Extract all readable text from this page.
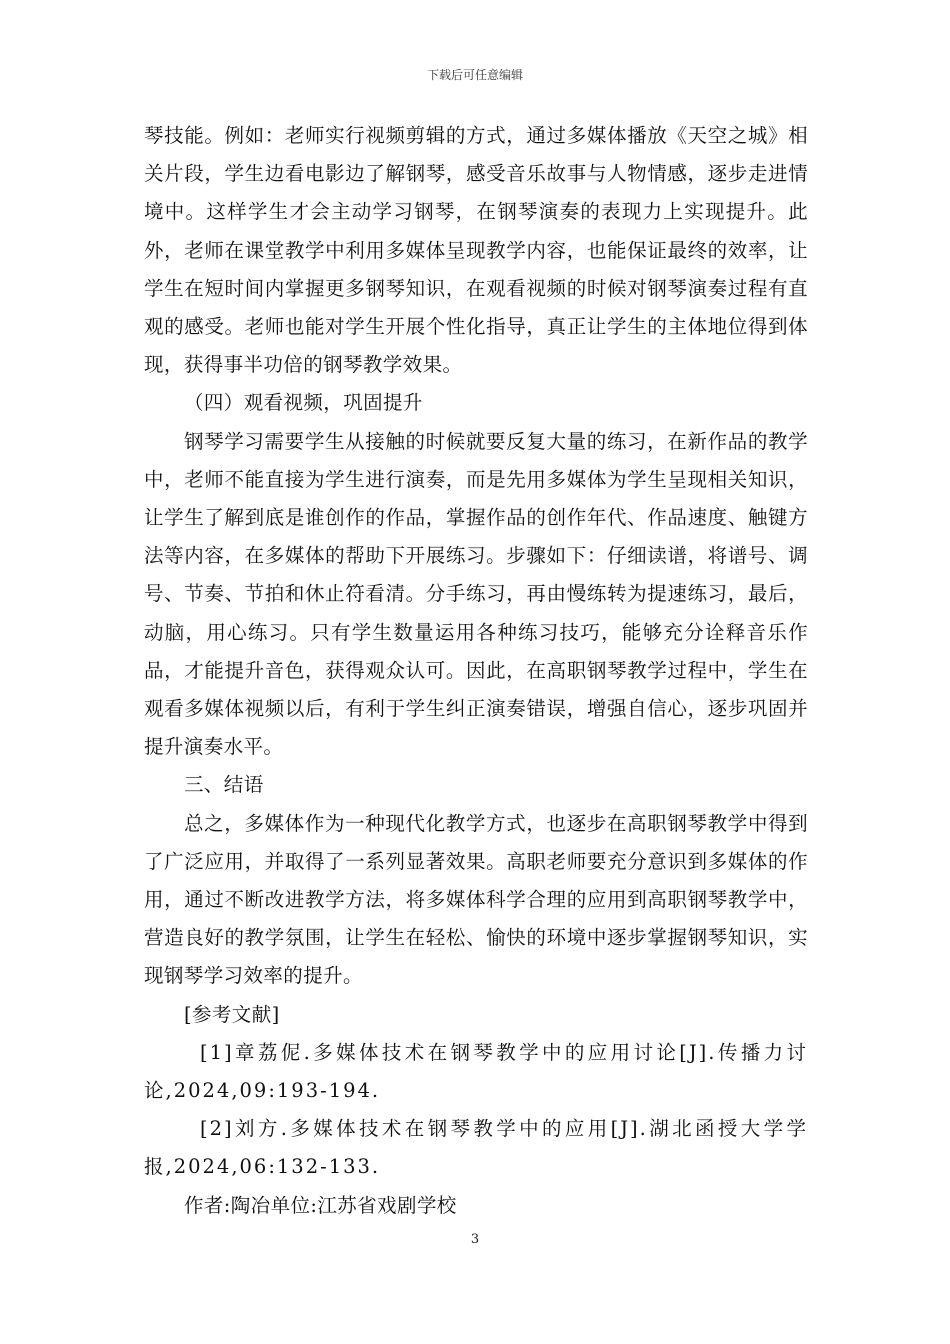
下载后可任意编辑

琴技能。例如：老师实行视频剪辑的方式，通过多媒体播放《天空之城》相关片段，学生边看电影边了解钢琴，感受音乐故事与人物情感，逐步走进情境中。这样学生才会主动学习钢琴，在钢琴演奏的表现力上实现提升。此外，老师在课堂教学中利用多媒体呈现教学内容，也能保证最终的效率，让学生在短时间内掌握更多钢琴知识，在观看视频的时候对钢琴演奏过程有直观的感受。老师也能对学生开展个性化指导，真正让学生的主体地位得到体现，获得事半功倍的钢琴教学效果。

（四）观看视频，巩固提升

钢琴学习需要学生从接触的时候就要反复大量的练习，在新作品的教学中，老师不能直接为学生进行演奏，而是先用多媒体为学生呈现相关知识，让学生了解到底是谁创作的作品，掌握作品的创作年代、作品速度、触键方法等内容，在多媒体的帮助下开展练习。步骤如下：仔细读谱，将谱号、调号、节奏、节拍和休止符看清。分手练习，再由慢练转为提速练习，最后，动脑，用心练习。只有学生数量运用各种练习技巧，能够充分诠释音乐作品，才能提升音色，获得观众认可。因此，在高职钢琴教学过程中，学生在观看多媒体视频以后，有利于学生纠正演奏错误，增强自信心，逐步巩固并提升演奏水平。

三、结语

总之，多媒体作为一种现代化教学方式，也逐步在高职钢琴教学中得到了广泛应用，并取得了一系列显著效果。高职老师要充分意识到多媒体的作用，通过不断改进教学方法，将多媒体科学合理的应用到高职钢琴教学中，营造良好的教学氛围，让学生在轻松、愉快的环境中逐步掌握钢琴知识，实现钢琴学习效率的提升。

[参考文献]

[1]章荔伲.多媒体技术在钢琴教学中的应用讨论[J].传播力讨论,2024,09:193-194.

[2]刘方.多媒体技术在钢琴教学中的应用[J].湖北函授大学学报,2024,06:132-133.

作者:陶冶单位:江苏省戏剧学校

3
